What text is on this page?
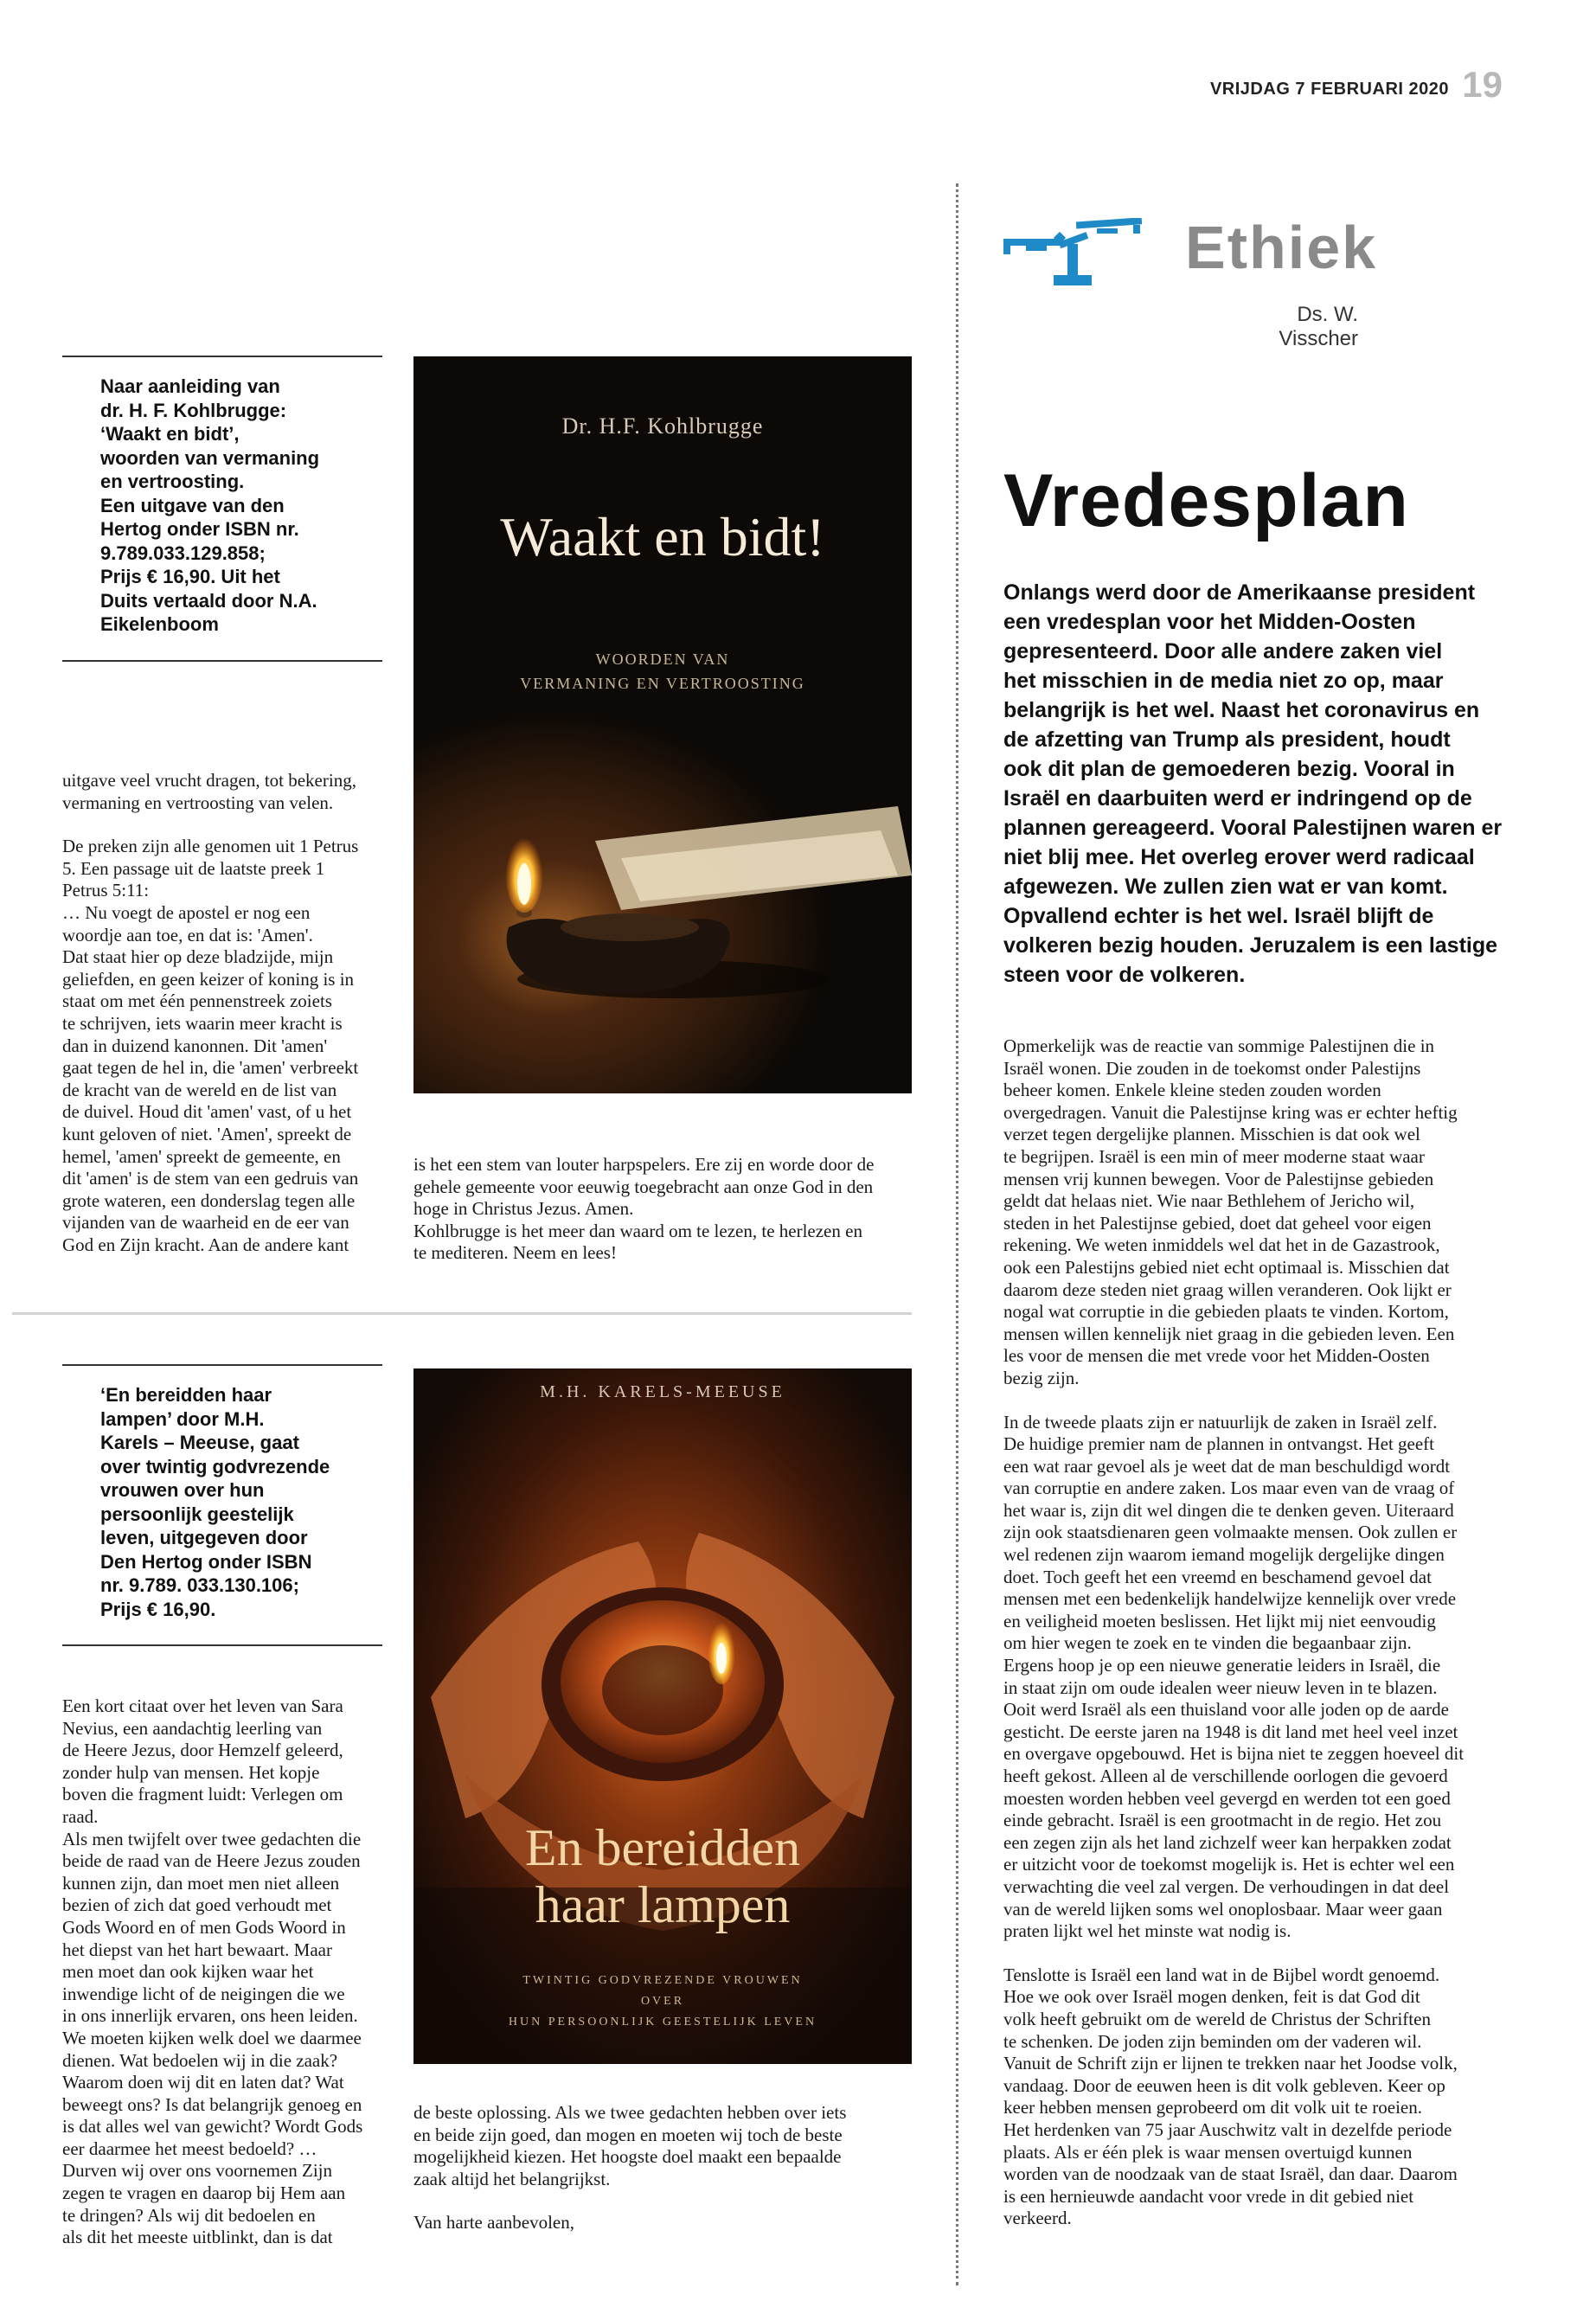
VRIJDAG 7 FEBRUARI 2020 19
Ethiek
Ds. W. Visscher
Vredesplan
Onlangs werd door de Amerikaanse president
een vredesplan voor het Midden-Oosten
gepresenteerd. Door alle andere zaken viel
het misschien in de media niet zo op, maar
belangrijk is het wel. Naast het coronavirus en
de afzetting van Trump als president, houdt
ook dit plan de gemoederen bezig. Vooral in
Israël en daarbuiten werd er indringend op de
plannen gereageerd. Vooral Palestijnen waren er
niet blij mee. Het overleg erover werd radicaal
afgewezen. We zullen zien wat er van komt.
Opvallend echter is het wel. Israël blijft de
volkeren bezig houden. Jeruzalem is een lastige
steen voor de volkeren.

Opmerkelijk was de reactie van sommige Palestijnen die in
Israël wonen. Die zouden in de toekomst onder Palestijns
beheer komen. Enkele kleine steden zouden worden
overgedragen. Vanuit die Palestijnse kring was er echter heftig
verzet tegen dergelijke plannen. Misschien is dat ook wel
te begrijpen. Israël is een min of meer moderne staat waar
mensen vrij kunnen bewegen. Voor de Palestijnse gebieden
geldt dat helaas niet. Wie naar Bethlehem of Jericho wil,
steden in het Palestijnse gebied, doet dat geheel voor eigen
rekening. We weten inmiddels wel dat het in de Gazastrook,
ook een Palestijns gebied niet echt optimaal is. Misschien dat
daarom deze steden niet graag willen veranderen. Ook lijkt er
nogal wat corruptie in die gebieden plaats te vinden. Kortom,
mensen willen kennelijk niet graag in die gebieden leven. Een
les voor de mensen die met vrede voor het Midden-Oosten
bezig zijn.

In de tweede plaats zijn er natuurlijk de zaken in Israël zelf.
De huidige premier nam de plannen in ontvangst. Het geeft
een wat raar gevoel als je weet dat de man beschuldigd wordt
van corruptie en andere zaken. Los maar even van de vraag of
het waar is, zijn dit wel dingen die te denken geven. Uiteraard
zijn ook staatsdienaren geen volmaakte mensen. Ook zullen er
wel redenen zijn waarom iemand mogelijk dergelijke dingen
doet. Toch geeft het een vreemd en beschamend gevoel dat
mensen met een bedenkelijk handelwijze kennelijk over vrede
en veiligheid moeten beslissen. Het lijkt mij niet eenvoudig
om hier wegen te zoek en te vinden die begaanbaar zijn.
Ergens hoop je op een nieuwe generatie leiders in Israël, die
in staat zijn om oude idealen weer nieuw leven in te blazen.
Ooit werd Israël als een thuisland voor alle joden op de aarde
gesticht. De eerste jaren na 1948 is dit land met heel veel inzet
en overgave opgebouwd. Het is bijna niet te zeggen hoeveel dit
heeft gekost. Alleen al de verschillende oorlogen die gevoerd
moesten worden hebben veel gevergd en werden tot een goed
einde gebracht. Israël is een grootmacht in de regio. Het zou
een zegen zijn als het land zichzelf weer kan herpakken zodat
er uitzicht voor de toekomst mogelijk is. Het is echter wel een
verwachting die veel zal vergen. De verhoudingen in dat deel
van de wereld lijken soms wel onoplosbaar. Maar weer gaan
praten lijkt wel het minste wat nodig is.

Tenslotte is Israël een land wat in de Bijbel wordt genoemd.
Hoe we ook over Israël mogen denken, feit is dat God dit
volk heeft gebruikt om de wereld de Christus der Schriften
te schenken. De joden zijn beminden om der vaderen wil.
Vanuit de Schrift zijn er lijnen te trekken naar het Joodse volk,
vandaag. Door de eeuwen heen is dit volk gebleven. Keer op
keer hebben mensen geprobeerd om dit volk uit te roeien.
Het herdenken van 75 jaar Auschwitz valt in dezelfde periode
plaats. Als er één plek is waar mensen overtuigd kunnen
worden van de noodzaak van de staat Israël, dan daar. Daarom
is een hernieuwde aandacht voor vrede in dit gebied niet
verkeerd.

Naar aanleiding van
dr. H. F. Kohlbrugge:
‘Waakt en bidt’,
woorden van vermaning
en vertroosting.
Een uitgave van den
Hertog onder ISBN nr.
9.789.033.129.858;
Prijs € 16,90. Uit het
Duits vertaald door N.A.
Eikelenboom
Dr. H.F. Kohlbrugge
Waakt en bidt!
WOORDEN VAN
VERMANING EN VERTROOSTING

uitgave veel vrucht dragen, tot bekering,
vermaning en vertroosting van velen.

De preken zijn alle genomen uit 1 Petrus
5. Een passage uit de laatste preek 1
Petrus 5:11:
… Nu voegt de apostel er nog een
woordje aan toe, en dat is: 'Amen'.
Dat staat hier op deze bladzijde, mijn
geliefden, en geen keizer of koning is in
staat om met één pennenstreek zoiets
te schrijven, iets waarin meer kracht is
dan in duizend kanonnen. Dit 'amen'
gaat tegen de hel in, die 'amen' verbreekt
de kracht van de wereld en de list van
de duivel. Houd dit 'amen' vast, of u het
kunt geloven of niet. 'Amen', spreekt de
hemel, 'amen' spreekt de gemeente, en
dit 'amen' is de stem van een gedruis van
grote wateren, een donderslag tegen alle
vijanden van de waarheid en de eer van
God en Zijn kracht. Aan de andere kant

is het een stem van louter harpspelers. Ere zij en worde door de
gehele gemeente voor eeuwig toegebracht aan onze God in den
hoge in Christus Jezus. Amen.
Kohlbrugge is het meer dan waard om te lezen, te herlezen en
te mediteren. Neem en lees!

‘En bereidden haar
lampen’ door M.H.
Karels – Meeuse, gaat
over twintig godvrezende
vrouwen over hun
persoonlijk geestelijk
leven, uitgegeven door
Den Hertog onder ISBN
nr. 9.789. 033.130.106;
Prijs € 16,90.
M.H. KARELS-MEEUSE
En bereidden
haar lampen
TWINTIG GODVREZENDE VROUWEN
OVER
HUN PERSOONLIJK GEESTELIJK LEVEN

Een kort citaat over het leven van Sara
Nevius, een aandachtig leerling van
de Heere Jezus, door Hemzelf geleerd,
zonder hulp van mensen. Het kopje
boven die fragment luidt: Verlegen om
raad.
Als men twijfelt over twee gedachten die
beide de raad van de Heere Jezus zouden
kunnen zijn, dan moet men niet alleen
bezien of zich dat goed verhoudt met
Gods Woord en of men Gods Woord in
het diepst van het hart bewaart. Maar
men moet dan ook kijken waar het
inwendige licht of de neigingen die we
in ons innerlijk ervaren, ons heen leiden.
We moeten kijken welk doel we daarmee
dienen. Wat bedoelen wij in die zaak?
Waarom doen wij dit en laten dat? Wat
beweegt ons? Is dat belangrijk genoeg en
is dat alles wel van gewicht? Wordt Gods
eer daarmee het meest bedoeld? …
Durven wij over ons voornemen Zijn
zegen te vragen en daarop bij Hem aan
te dringen? Als wij dit bedoelen en
als dit het meeste uitblinkt, dan is dat

de beste oplossing. Als we twee gedachten hebben over iets
en beide zijn goed, dan mogen en moeten wij toch de beste
mogelijkheid kiezen. Het hoogste doel maakt een bepaalde
zaak altijd het belangrijkst.

Van harte aanbevolen,
